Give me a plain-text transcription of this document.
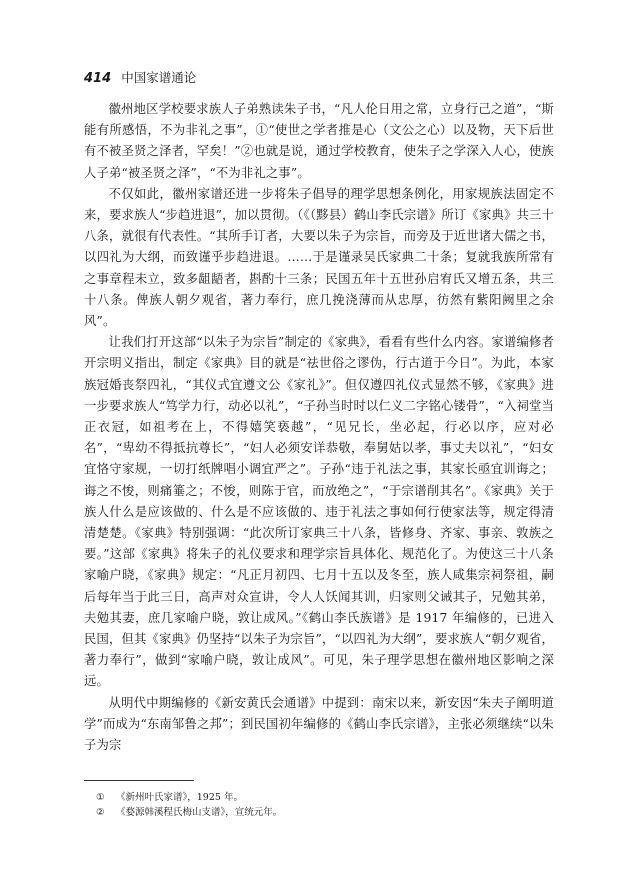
414 中国家谱通论

徽州地区学校要求族人子弟熟读朱子书，“凡人伦日用之常，立身行己之道”，“斯能有所感悟，不为非礼之事”，①“使世之学者推是心（文公之心）以及物，天下后世有不被圣贤之泽者，罕矣！”②也就是说，通过学校教育，使朱子之学深入人心，使族人子弟“被圣贤之泽”，“不为非礼之事”。

不仅如此，徽州家谱还进一步将朱子倡导的理学思想条例化，用家规族法固定不来，要求族人“步趋进退”，加以贯彻。（《（黟县）鹤山李氏宗谱》所订《家典》共三十八条，就很有代表性。“其所手订者，大要以朱子为宗旨，而旁及于近世诸大儒之书，以四礼为大纲，而致谨乎步趋进退。……于是谨录吴氏家典二十条；复就我族所常有之事章程未立，致多龃龉者，斟酌十三条；民国五年十五世孙启宥氏又增五条，共三十八条。俾族人朝夕观省，著力奉行，庶几挽浇薄而从忠厚，彷然有紫阳阙里之余风”。

让我们打开这部“以朱子为宗旨”制定的《家典》，看看有些什么内容。家谱编修者开宗明义指出，制定《家典》目的就是“祛世俗之谬伪，行古道于今日”。为此，本家族冠婚丧祭四礼，“其仪式宜遵文公《家礼》”。但仅遵四礼仪式显然不够，《家典》进一步要求族人“笃学力行，动必以礼”，“子孙当时时以仁义二字铭心镂骨”，“入祠堂当正衣冠，如祖考在上，不得嬉笑亵越”，“见兄长，坐必起，行必以序，应对必名”，“卑幼不得抵抗尊长”，“妇人必须安详恭敬，奉舅姑以孝，事丈夫以礼”，“妇女宜恪守家规，一切打纸牌唱小调宜严之”。子孙“违于礼法之事，其家长亟宜训诲之；诲之不悛，则痛箠之；不悛，则陈于官，而放绝之”，“于宗谱削其名”。《家典》关于族人什么是应该做的、什么是不应该做的、违于礼法之事如何行使家法等，规定得清清楚楚。《家典》特别强调：“此次所订家典三十八条，皆修身、齐家、事亲、敦族之要。”这部《家典》将朱子的礼仪要求和理学宗旨具体化、规范化了。为使这三十八条家喻户晓，《家典》规定：“凡正月初四、七月十五以及冬至，族人咸集宗祠祭祖，嗣后每年当于此三日，高声对众宣讲，令人人饫闻其训，归家则父诫其子，兄勉其弟，夫勉其妻，庶几家喻户晓，敦让成风。”《鹤山李氏族谱》是 1917 年编修的，已进入民国，但其《家典》仍坚持“以朱子为宗旨”，“以四礼为大纲”，要求族人“朝夕观省，著力奉行”，做到“家喻户晓，敦让成风”。可见，朱子理学思想在徽州地区影响之深远。

从明代中期编修的《新安黄氏会通谱》中提到：南宋以来，新安因“朱夫子阐明道学”而成为“东南邹鲁之邦”；到民国初年编修的《鹤山李氏宗谱》，主张必须继续“以朱子为宗

① 《新州叶氏家谱》，1925 年。

② 《婺源韩溪程氏梅山支谱》，宣统元年。
